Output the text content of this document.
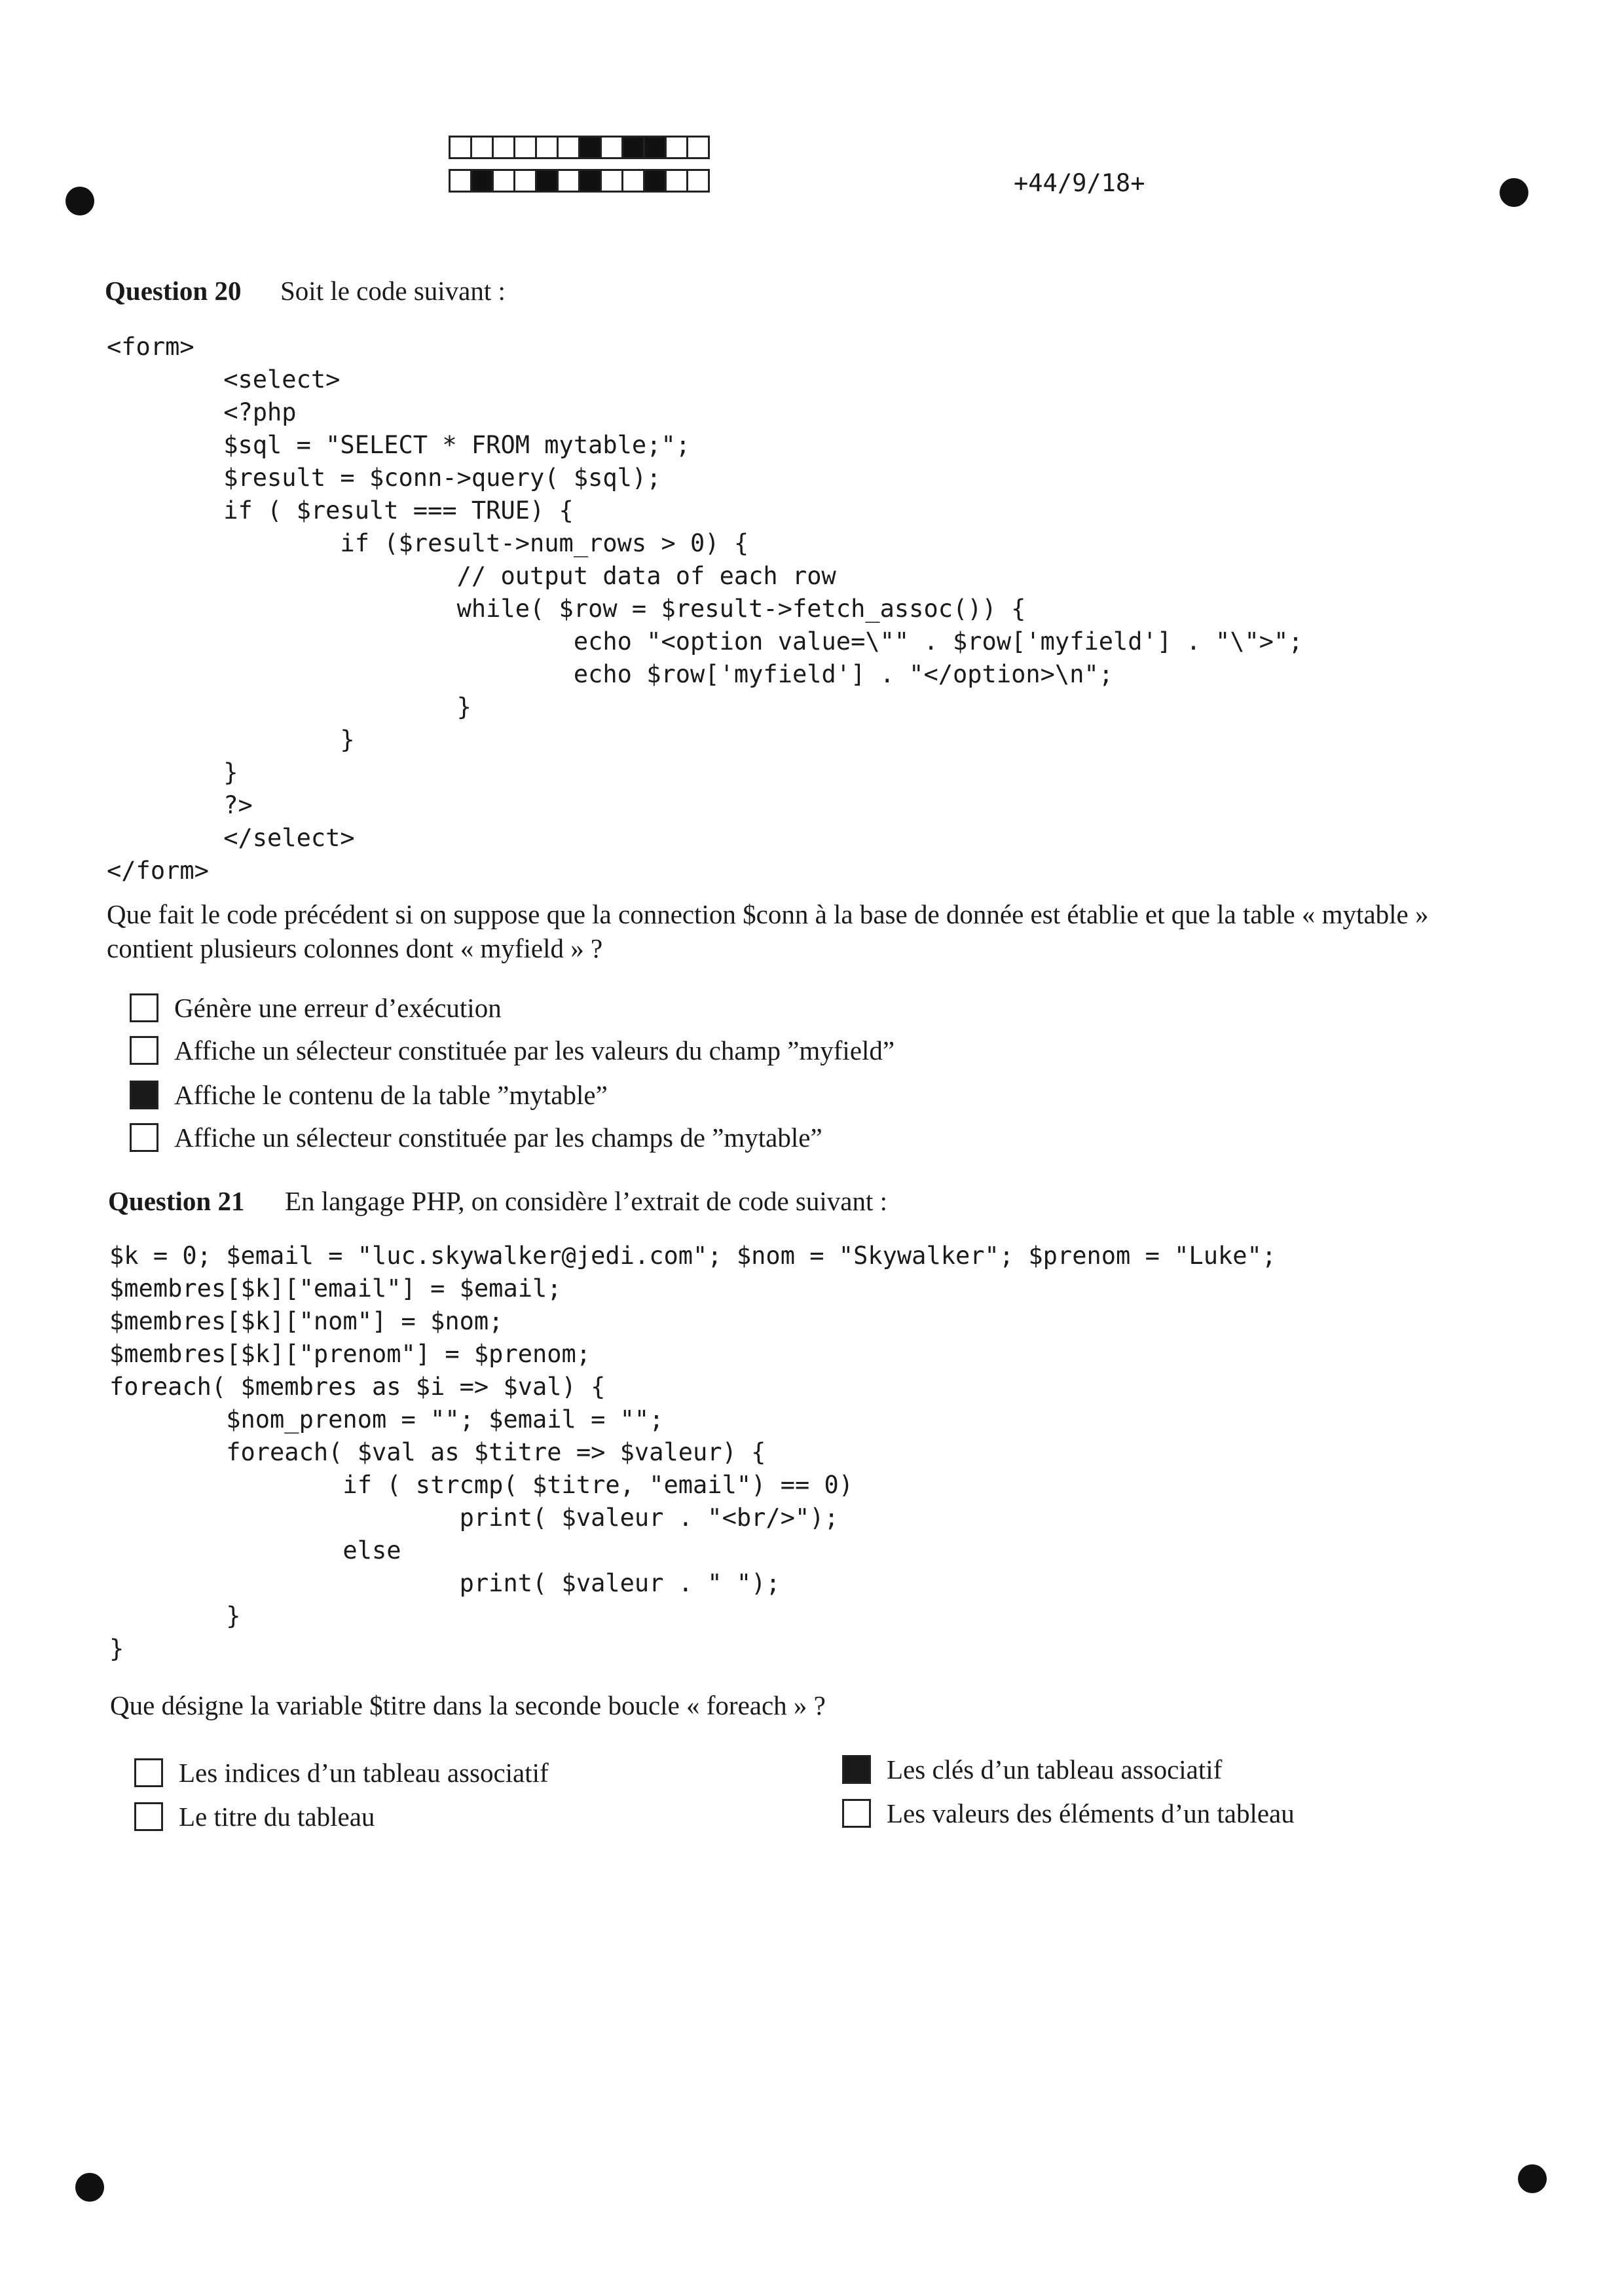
+44/9/18+
Question 20 Soit le code suivant :
<form>
<select>
<?php
$sql = "SELECT * FROM mytable;";
$result = $conn->query( $sql);
if ( $result === TRUE) {
if ($result->num_rows > 0) {
// output data of each row
while( $row = $result->fetch_assoc()) {
echo "<option value=\"" . $row['myfield'] . "\">";
echo $row['myfield'] . "</option>\n";
}
}
}
?>
</select>
</form>
Que fait le code précédent si on suppose que la connection $conn à la base de donnée est établie et que la table « mytable »
contient plusieurs colonnes dont « myfield » ?
Génère une erreur d’exécution
Affiche un sélecteur constituée par les valeurs du champ ”myfield”
Affiche le contenu de la table ”mytable”
Affiche un sélecteur constituée par les champs de ”mytable”
Question 21 En langage PHP, on considère l’extrait de code suivant :
$k = 0; $email = "luc.skywalker@jedi.com"; $nom = "Skywalker"; $prenom = "Luke";
$membres[$k]["email"] = $email;
$membres[$k]["nom"] = $nom;
$membres[$k]["prenom"] = $prenom;
foreach( $membres as $i => $val) {
$nom_prenom = ""; $email = "";
foreach( $val as $titre => $valeur) {
if ( strcmp( $titre, "email") == 0)
print( $valeur . "<br/>");
else
print( $valeur . " ");
}
}
Que désigne la variable $titre dans la seconde boucle « foreach » ?
Les indices d’un tableau associatif	Les clés d’un tableau associatif
Le titre du tableau	Les valeurs des éléments d’un tableau
